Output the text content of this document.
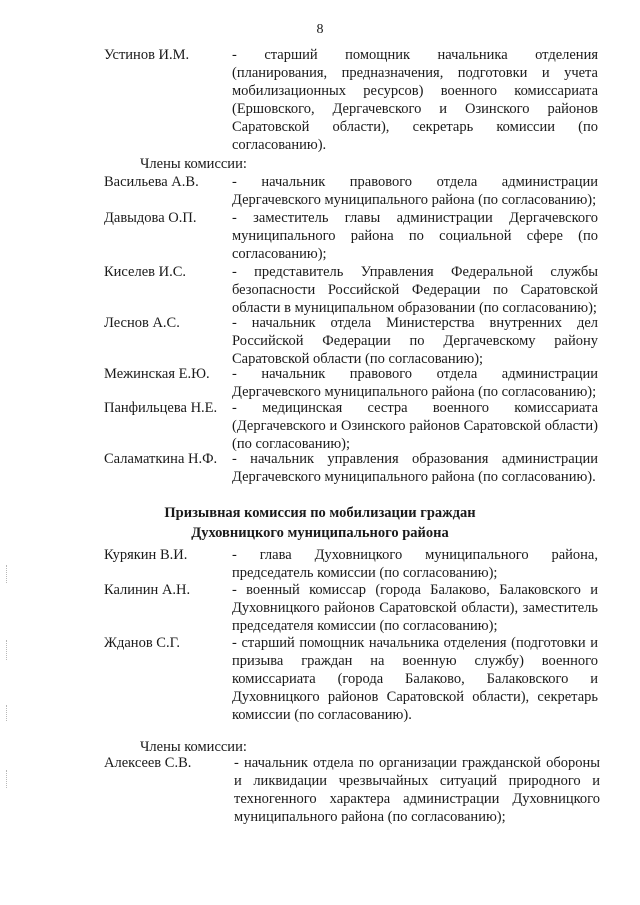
8
Устинов И.М.	- старший помощник начальника отделения (планирования, предназначения, подготовки и учета мобилизационных ресурсов) военного комиссариата (Ершовского, Дергачевского и Озинского районов Саратовской области), секретарь комиссии (по согласованию).
Члены комиссии:
Васильева А.В. - начальник правового отдела администрации Дергачевского муниципального района (по согласованию);
Давыдова О.П. - заместитель главы администрации Дергачевского муниципального района по социальной сфере (по согласованию);
Киселев И.С.	- представитель Управления Федеральной службы безопасности Российской Федерации по Саратовской области в муниципальном образовании (по согласованию);
Леснов А.С.	- начальник отдела Министерства внутренних дел Российской Федерации по Дергачевскому району Саратовской области (по согласованию);
Межинская Е.Ю. - начальник правового отдела администрации Дергачевского муниципального района (по согласованию);
Панфильцева Н.Е. - медицинская сестра военного комиссариата (Дергачевского и Озинского районов Саратовской области) (по согласованию);
Саламаткина Н.Ф. - начальник управления образования администрации Дергачевского муниципального района (по согласованию).
Призывная комиссия по мобилизации граждан
Духовницкого муниципального района
Курякин В.И.	- глава Духовницкого муниципального района, председатель комиссии (по согласованию);
Калинин А.Н.	- военный комиссар (города Балаково, Балаковского и Духовницкого районов Саратовской области), заместитель председателя комиссии (по согласованию);
Жданов С.Г.	- старший помощник начальника отделения (подготовки и призыва граждан на военную службу) военного комиссариата (города Балаково, Балаковского и Духовницкого районов Саратовской области), секретарь комиссии (по согласованию).
Члены комиссии:
Алексеев С.В.	- начальник отдела по организации гражданской обороны и ликвидации чрезвычайных ситуаций природного и техногенного характера администрации Духовницкого муниципального района (по согласованию);
